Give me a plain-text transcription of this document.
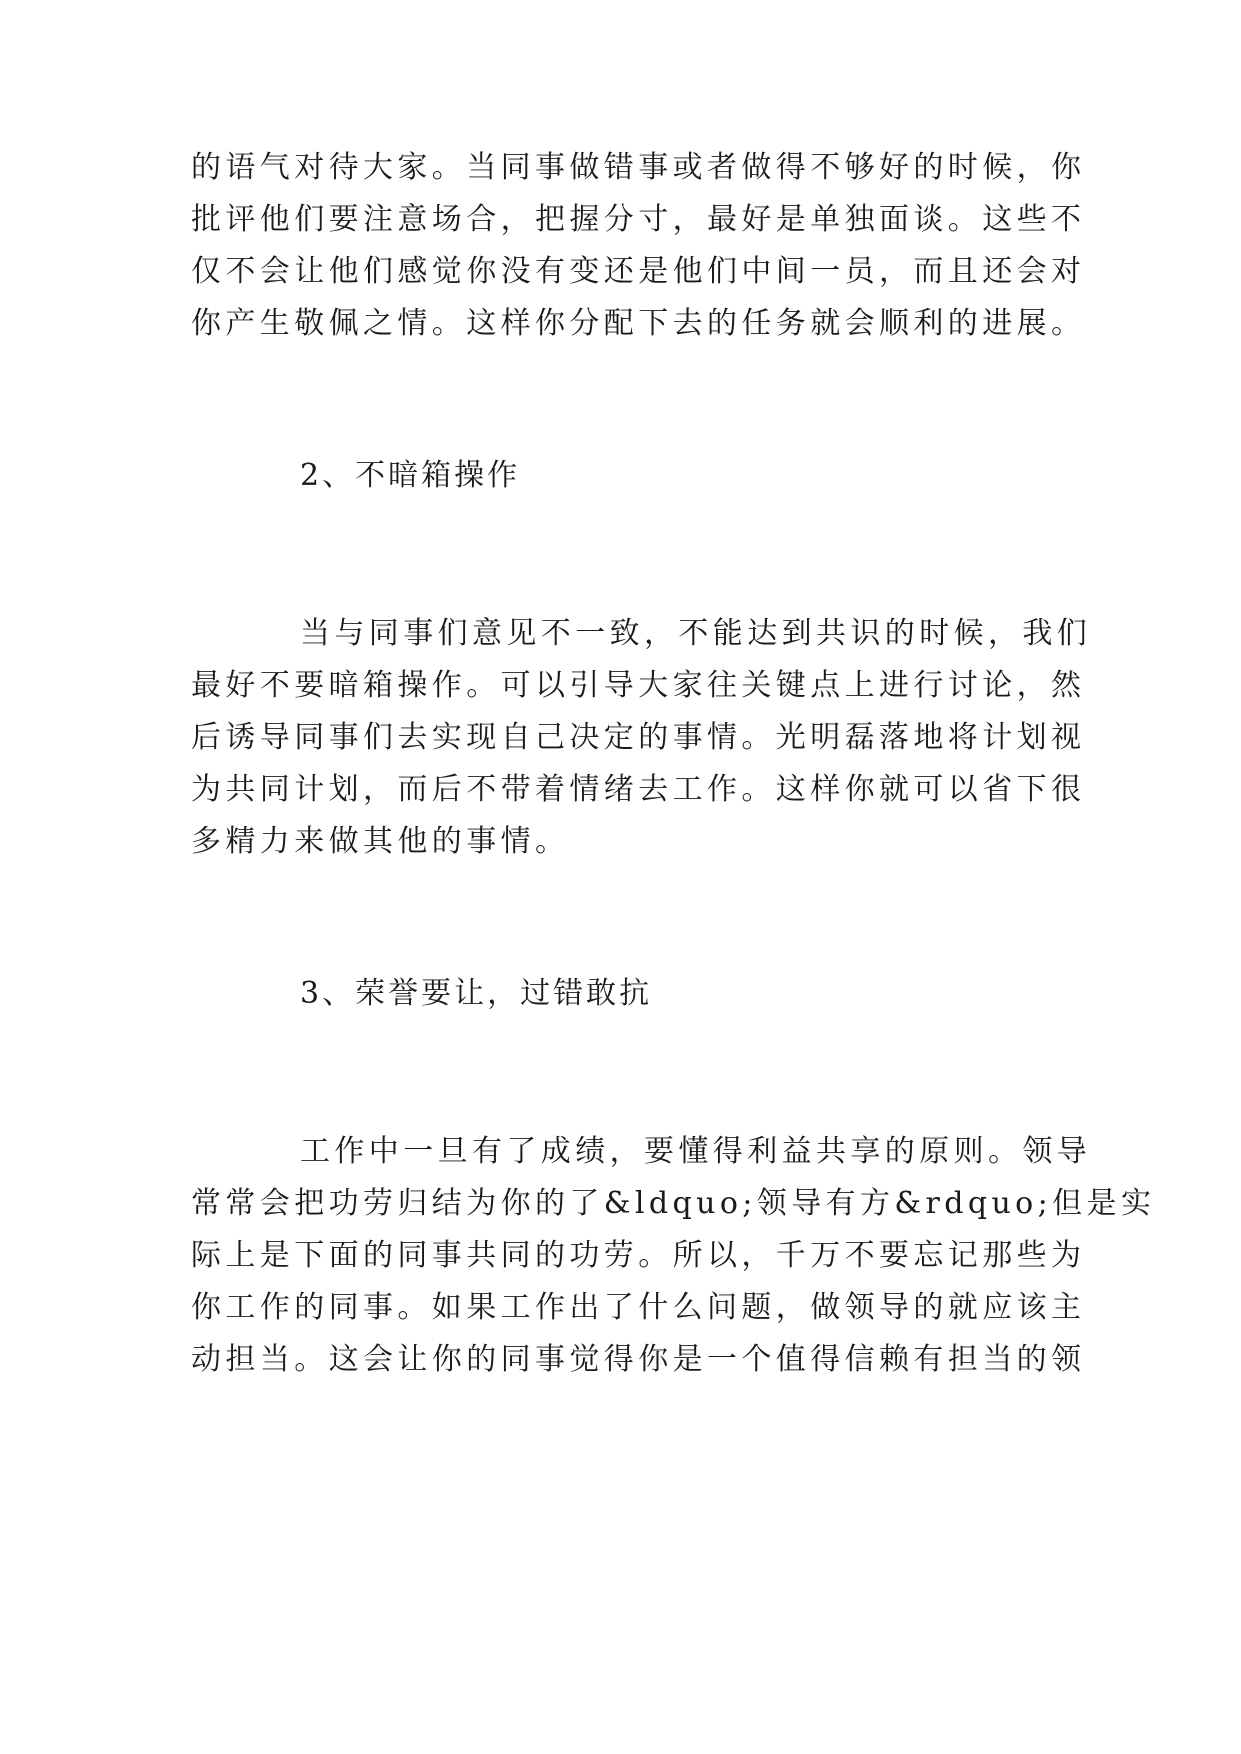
的语气对待大家。当同事做错事或者做得不够好的时候，你
批评他们要注意场合，把握分寸，最好是单独面谈。这些不
仅不会让他们感觉你没有变还是他们中间一员，而且还会对
你产生敬佩之情。这样你分配下去的任务就会顺利的进展。
2、不暗箱操作
当与同事们意见不一致，不能达到共识的时候，我们
最好不要暗箱操作。可以引导大家往关键点上进行讨论，然
后诱导同事们去实现自己决定的事情。光明磊落地将计划视
为共同计划，而后不带着情绪去工作。这样你就可以省下很
多精力来做其他的事情。
3、荣誉要让，过错敢抗
工作中一旦有了成绩，要懂得利益共享的原则。领导
常常会把功劳归结为你的了&ldquo;领导有方&rdquo;但是实
际上是下面的同事共同的功劳。所以，千万不要忘记那些为
你工作的同事。如果工作出了什么问题，做领导的就应该主
动担当。这会让你的同事觉得你是一个值得信赖有担当的领
